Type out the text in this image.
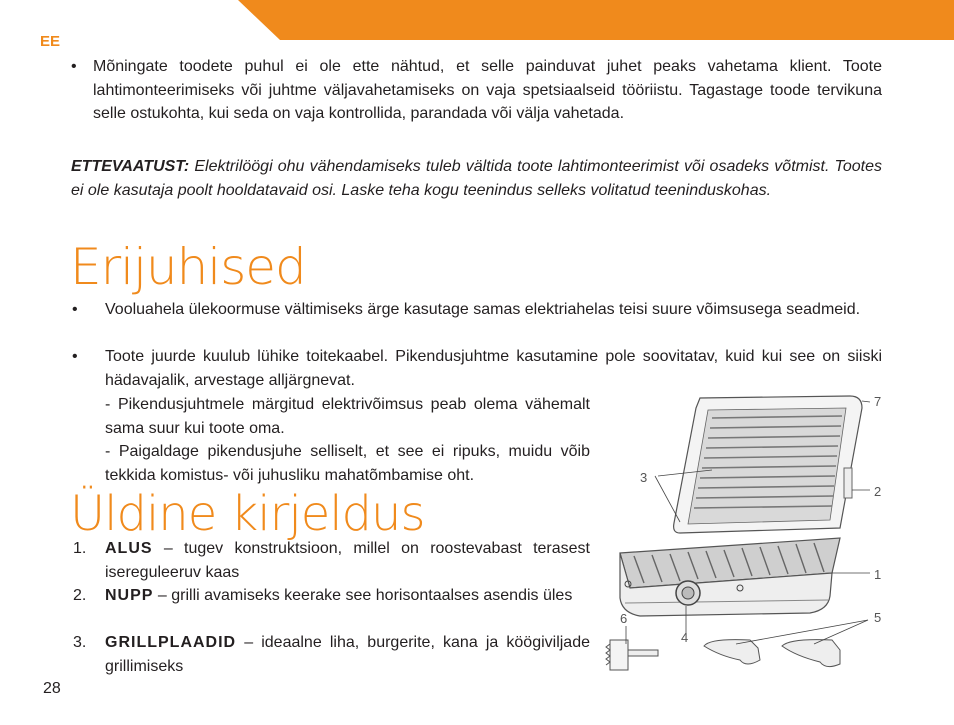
EE
• Mõningate toodete puhul ei ole ette nähtud, et selle painduvat juhet peaks vahetama klient. Toote lahtimonteerimiseks või juhtme väljavahetamiseks on vaja spetsiaalseid tööriistu. Tagastage toode tervikuna selle ostukohta, kui seda on vaja kontrollida, parandada või välja vahetada.
ETTEVAATUST: Elektrilöögi ohu vähendamiseks tuleb vältida toote lahtimonteerimist või osadeks võtmist. Tootes ei ole kasutaja poolt hooldatavaid osi. Laske teha kogu teenindus selleks volitatud teeninduskohas.
Erijuhised
• Vooluahela ülekoormuse vältimiseks ärge kasutage samas elektriahelas teisi suure võimsusega seadmeid.
• Toote juurde kuulub lühike toitekaabel. Pikendusjuhtme kasutamine pole soovitatav, kuid kui see on siiski hädavajalik, arvestage alljärgnevat.
- Pikendusjuhtmele märgitud elektrivõimsus peab olema vähemalt sama suur kui toote oma.
- Paigaldage pikendusjuhe selliselt, et see ei ripuks, muidu võib tekkida komistus- või juhusliku mahatõmbamise oht.
Üldine kirjeldus
1. ALUS – tugev konstruktsioon, millel on roostevabast terasest isereguleeruv kaas
2. NUPP – grilli avamiseks keerake see horisontaalses asendis üles
3. GRILLPLAADID – ideaalne liha, burgerite, kana ja köögiviljade grillimiseks
7
3
2
1
6
4
5
28
